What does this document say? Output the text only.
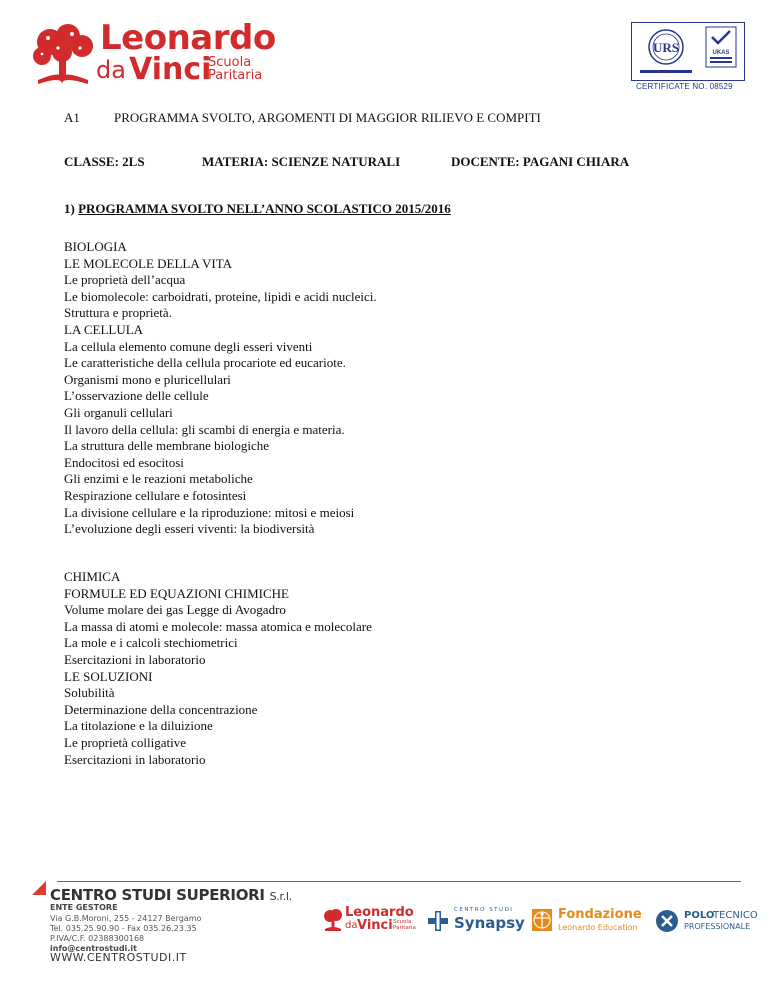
Leonardo
da Vinci
Scuola
Paritaria
URS	UKAS
CERTIFICATE NO. 08529
A1	PROGRAMMA SVOLTO, ARGOMENTI DI MAGGIOR RILIEVO E COMPITI
CLASSE: 2LS	MATERIA: SCIENZE NATURALI	DOCENTE: PAGANI CHIARA
1) PROGRAMMA SVOLTO NELL’ANNO SCOLASTICO 2015/2016
BIOLOGIA
LE MOLECOLE DELLA VITA
Le proprietà dell’acqua
Le biomolecole: carboidrati, proteine, lipidi e acidi nucleici.
Struttura e proprietà.
LA CELLULA
La cellula elemento comune degli esseri viventi
Le caratteristiche della cellula procariote ed eucariote.
Organismi mono e pluricellulari
L’osservazione delle cellule
Gli organuli cellulari
Il lavoro della cellula: gli scambi di energia e materia.
La struttura delle membrane biologiche
Endocitosi ed esocitosi
Gli enzimi e le reazioni metaboliche
Respirazione cellulare e fotosintesi
La divisione cellulare e la riproduzione: mitosi e meiosi
L’evoluzione degli esseri viventi: la biodiversità
CHIMICA
FORMULE ED EQUAZIONI CHIMICHE
Volume molare dei gas Legge di Avogadro
La massa di atomi e molecole: massa atomica e molecolare
La mole e i calcoli stechiometrici
Esercitazioni in laboratorio
LE SOLUZIONI
Solubilità
Determinazione della concentrazione
La titolazione e la diluizione
Le proprietà colligative
Esercitazioni in laboratorio
CENTRO STUDI SUPERIORI S.r.l.
ENTE GESTORE
Via G.B.Moroni, 255 - 24127 Bergamo
Tel. 035.25.90.90 - Fax 035.26.23.35
P.IVA/C.F. 02388300168
info@centrostudi.it
WWW.CENTROSTUDI.IT
Leonardo
da Vinci Scuola
Paritaria
CENTRO STUDI
Synapsy	Fondazione
Leonardo Education
POLO
TECNICO
PROFESSIONALE
